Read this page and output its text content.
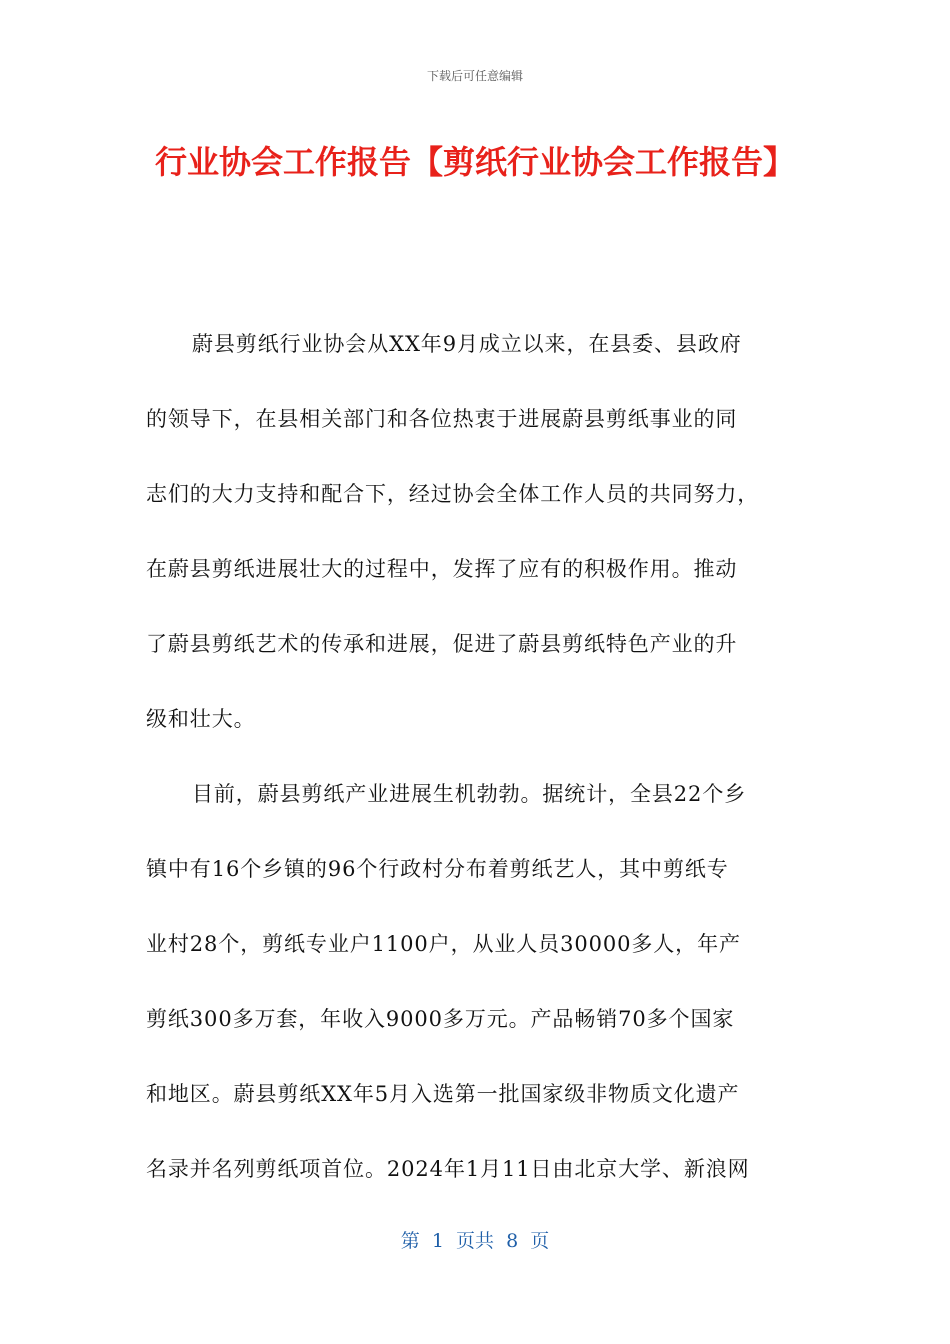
下载后可任意编辑
行业协会工作报告【剪纸行业协会工作报告】
蔚县剪纸行业协会从XX年9月成立以来，在县委、县政府
的领导下，在县相关部门和各位热衷于进展蔚县剪纸事业的同
志们的大力支持和配合下，经过协会全体工作人员的共同努力，
在蔚县剪纸进展壮大的过程中，发挥了应有的积极作用。推动
了蔚县剪纸艺术的传承和进展，促进了蔚县剪纸特色产业的升
级和壮大。
目前，蔚县剪纸产业进展生机勃勃。据统计，全县22个乡
镇中有16个乡镇的96个行政村分布着剪纸艺人，其中剪纸专
业村28个，剪纸专业户1100户，从业人员30000多人，年产
剪纸300多万套，年收入9000多万元。产品畅销70多个国家
和地区。蔚县剪纸XX年5月入选第一批国家级非物质文化遗产
名录并名列剪纸项首位。2024年1月11日由北京大学、新浪网
第  1  页共  8  页
